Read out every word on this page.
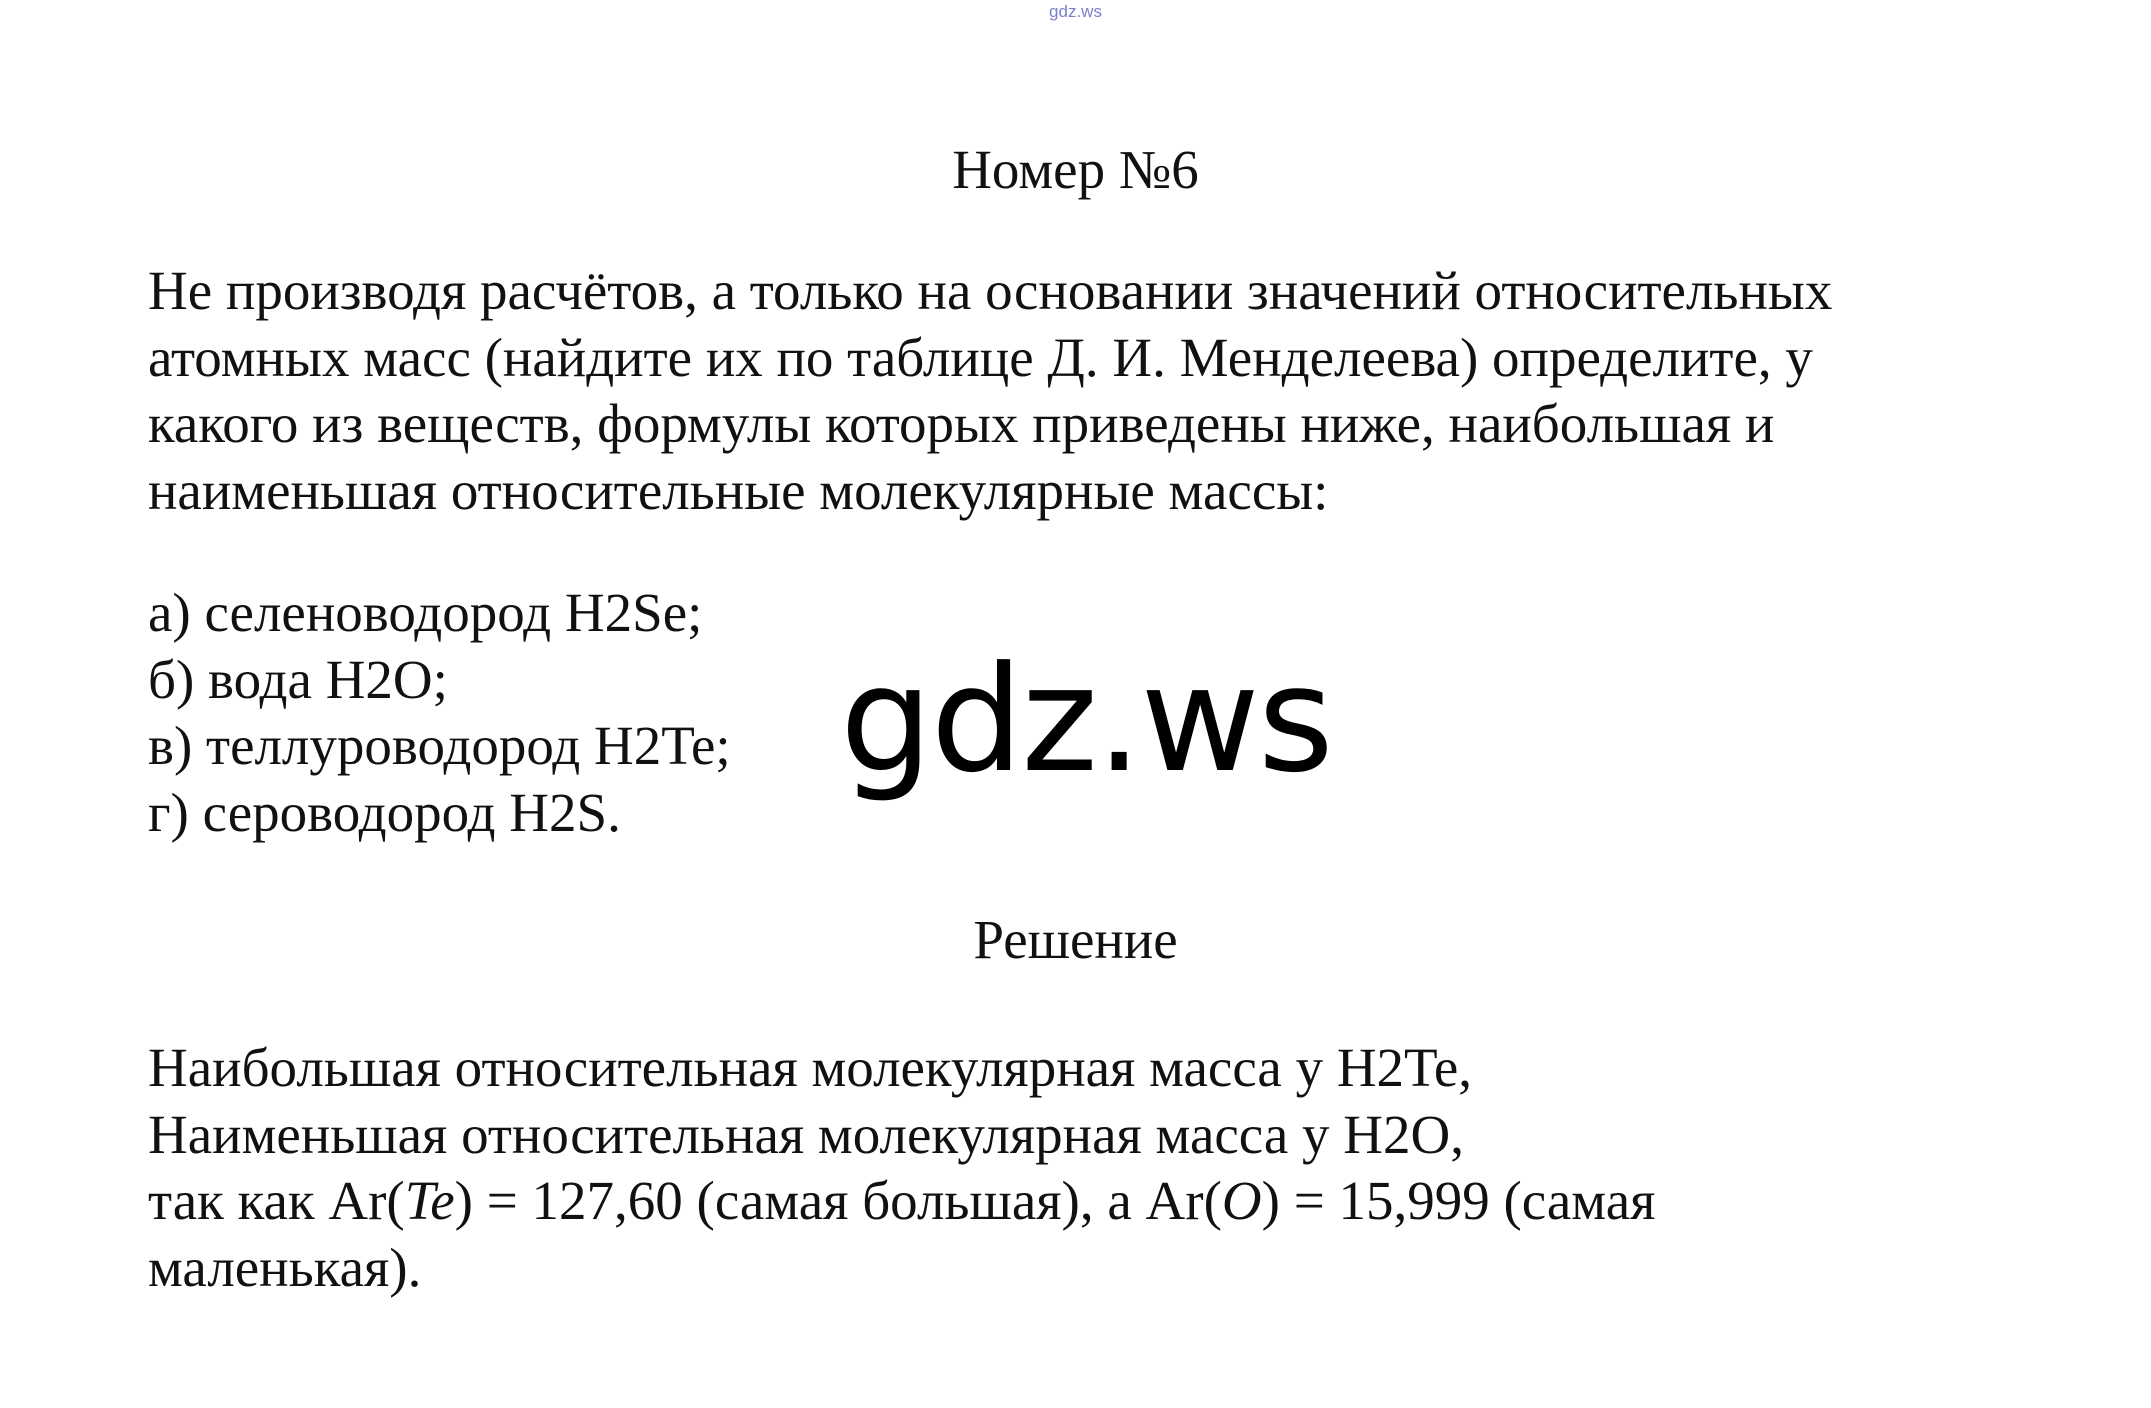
gdz.ws
Номер №6
Не производя расчётов, а только на основании значений относительных
атомных масс (найдите их по таблице Д. И. Менделеева) определите, у
какого из веществ, формулы которых приведены ниже, наибольшая и
наименьшая относительные молекулярные массы:
а) селеноводород H2Se;
б) вода H2O;
в) теллуроводород H2Te;
г) сероводород H2S.
gdz.ws
Решение
Наибольшая относительная молекулярная масса у H2Te,
Наименьшая относительная молекулярная масса у H2O,
так как Ar(Te) = 127,60 (самая большая), а Ar(O) = 15,999 (самая
маленькая).
